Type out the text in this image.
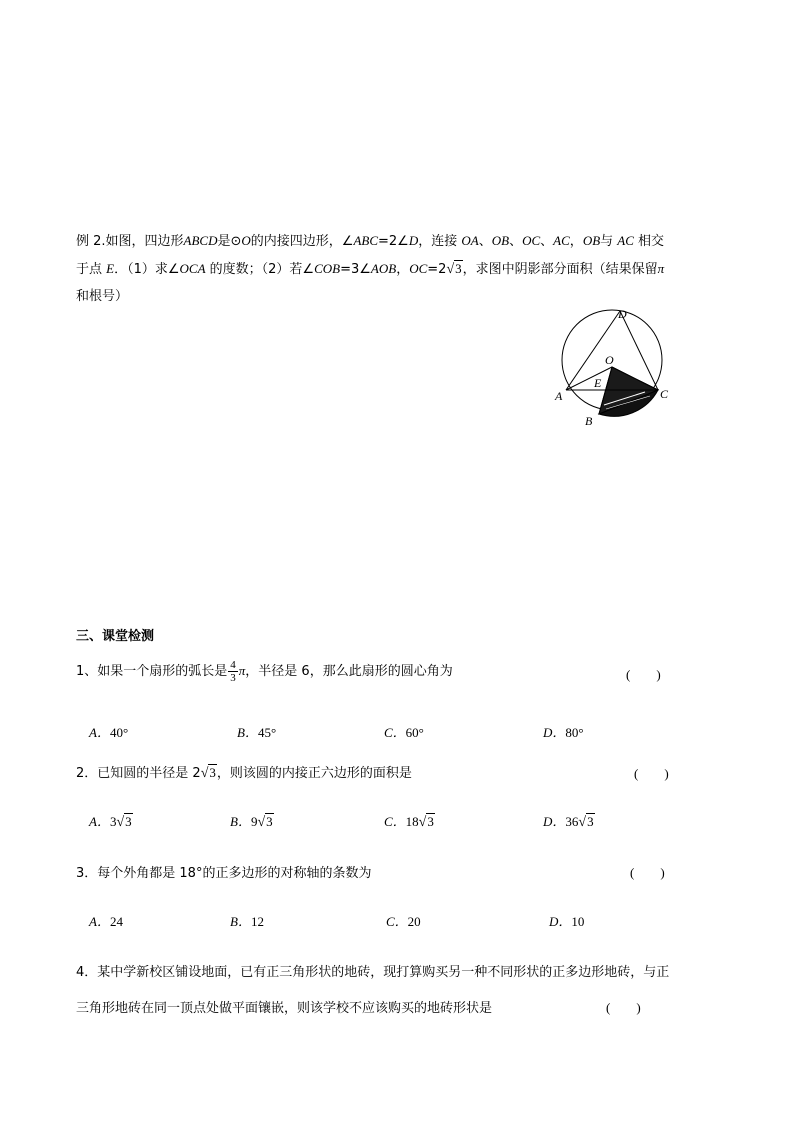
例 2.如图，四边形ABCD是⊙O的内接四边形，∠ABC=2∠D，连接 OA、OB、OC、AC，OB与 AC 相交
于点 E．（1）求∠OCA 的度数；（2）若∠COB=3∠AOB，OC=2√3，求图中阴影部分面积（结果保留π
和根号）
D
O
E
A	C
B
三、课堂检测
1、如果一个扇形的弧长是 $\frac{4}{3}$ π，半径是 6，那么此扇形的圆心角为	(　　)
A．40°	B．45°	C．60°	D．80°
2．已知圆的半径是 2√3，则该圆的内接正六边形的面积是	(　　)
A．3√3	B．9√3	C．18√3	D．36√3
3．每个外角都是 18°的正多边形的对称轴的条数为	(　　)
A．24	B．12	C．20	D．10
4．某中学新校区铺设地面，已有正三角形状的地砖，现打算购买另一种不同形状的正多边形地砖，与正
三角形地砖在同一顶点处做平面镶嵌，则该学校不应该购买的地砖形状是	(　　)
